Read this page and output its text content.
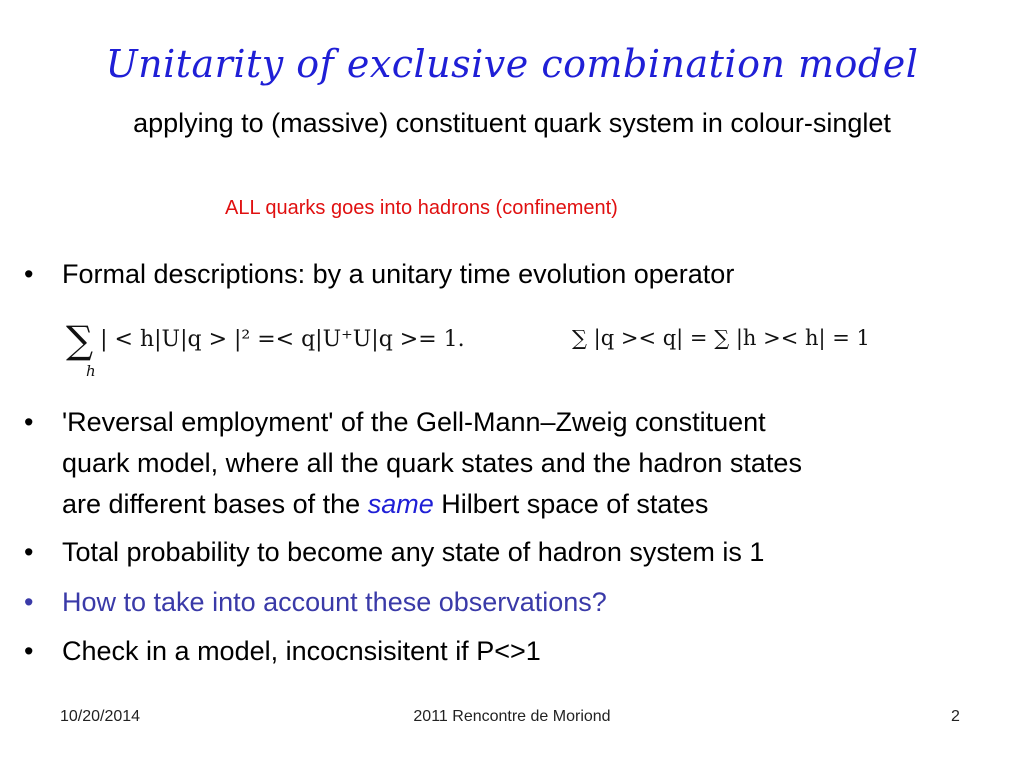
Unitarity of exclusive combination model
applying to (massive) constituent quark system in colour-singlet
ALL quarks goes into hadrons (confinement)
• Formal descriptions: by a unitary time evolution operator
∑ | < h|U|q > |² =< q|U⁺U|q >= 1.
h
∑ |q >< q| = ∑ |h >< h| = 1
• 'Reversal employment' of the Gell-Mann–Zweig constituent
quark model, where all the quark states and the hadron states
are different bases of the same Hilbert space of states
• Total probability to become any state of hadron system is 1
• How to take into account these observations?
• Check in a model, incocnsisitent if P<>1
10/20/2014	2011 Rencontre de Moriond	2
